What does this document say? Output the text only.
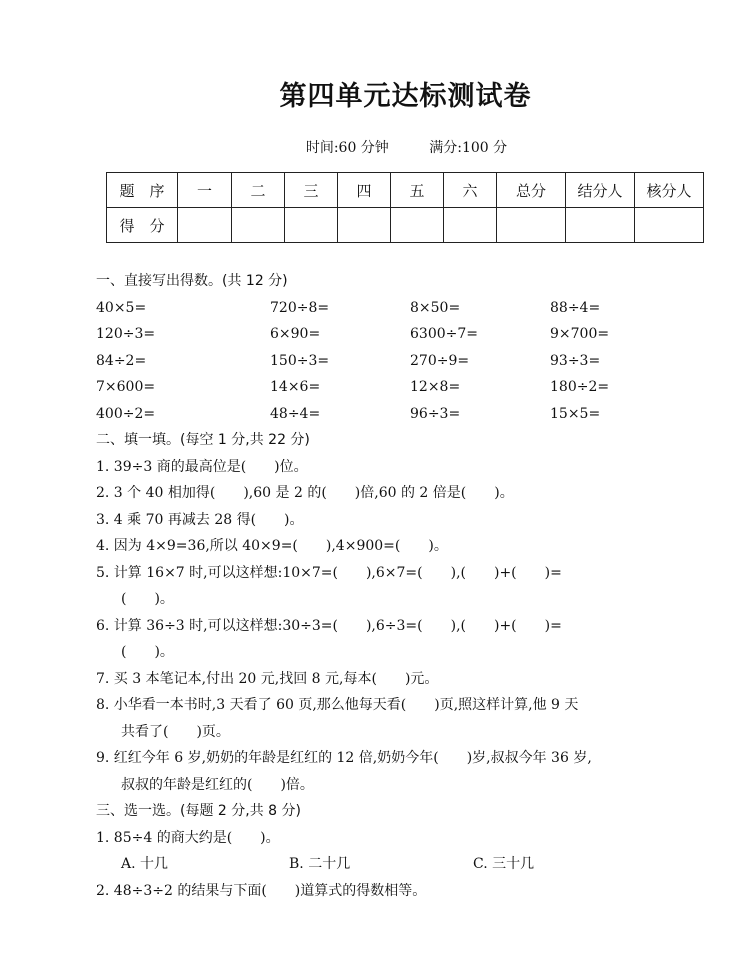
第四单元达标测试卷
时间:60 分钟	满分:100 分
题　序	一	二	三	四	五	六	总分	结分人	核分人
得　分									
一、直接写出得数。(共 12 分)
40×5=	720÷8=	8×50=	88÷4=
120÷3=	6×90=	6300÷7=	9×700=
84÷2=	150÷3=	270÷9=	93÷3=
7×600=	14×6=	12×8=	180÷2=
400÷2=	48÷4=	96÷3=	15×5=
二、填一填。(每空 1 分,共 22 分)
1. 39÷3 商的最高位是(　　)位。
2. 3 个 40 相加得(　　),60 是 2 的(　　)倍,60 的 2 倍是(　　)。
3. 4 乘 70 再减去 28 得(　　)。
4. 因为 4×9=36,所以 40×9=(　　),4×900=(　　)。
5. 计算 16×7 时,可以这样想:10×7=(　　),6×7=(　　),(　　)+(　　)=
(　　)。
6. 计算 36÷3 时,可以这样想:30÷3=(　　),6÷3=(　　),(　　)+(　　)=
(　　)。
7. 买 3 本笔记本,付出 20 元,找回 8 元,每本(　　)元。
8. 小华看一本书时,3 天看了 60 页,那么他每天看(　　)页,照这样计算,他 9 天
共看了(　　)页。
9. 红红今年 6 岁,奶奶的年龄是红红的 12 倍,奶奶今年(　　)岁,叔叔今年 36 岁,
叔叔的年龄是红红的(　　)倍。
三、选一选。(每题 2 分,共 8 分)
1. 85÷4 的商大约是(　　)。
A. 十几	B. 二十几	C. 三十几
2. 48÷3÷2 的结果与下面(　　)道算式的得数相等。
